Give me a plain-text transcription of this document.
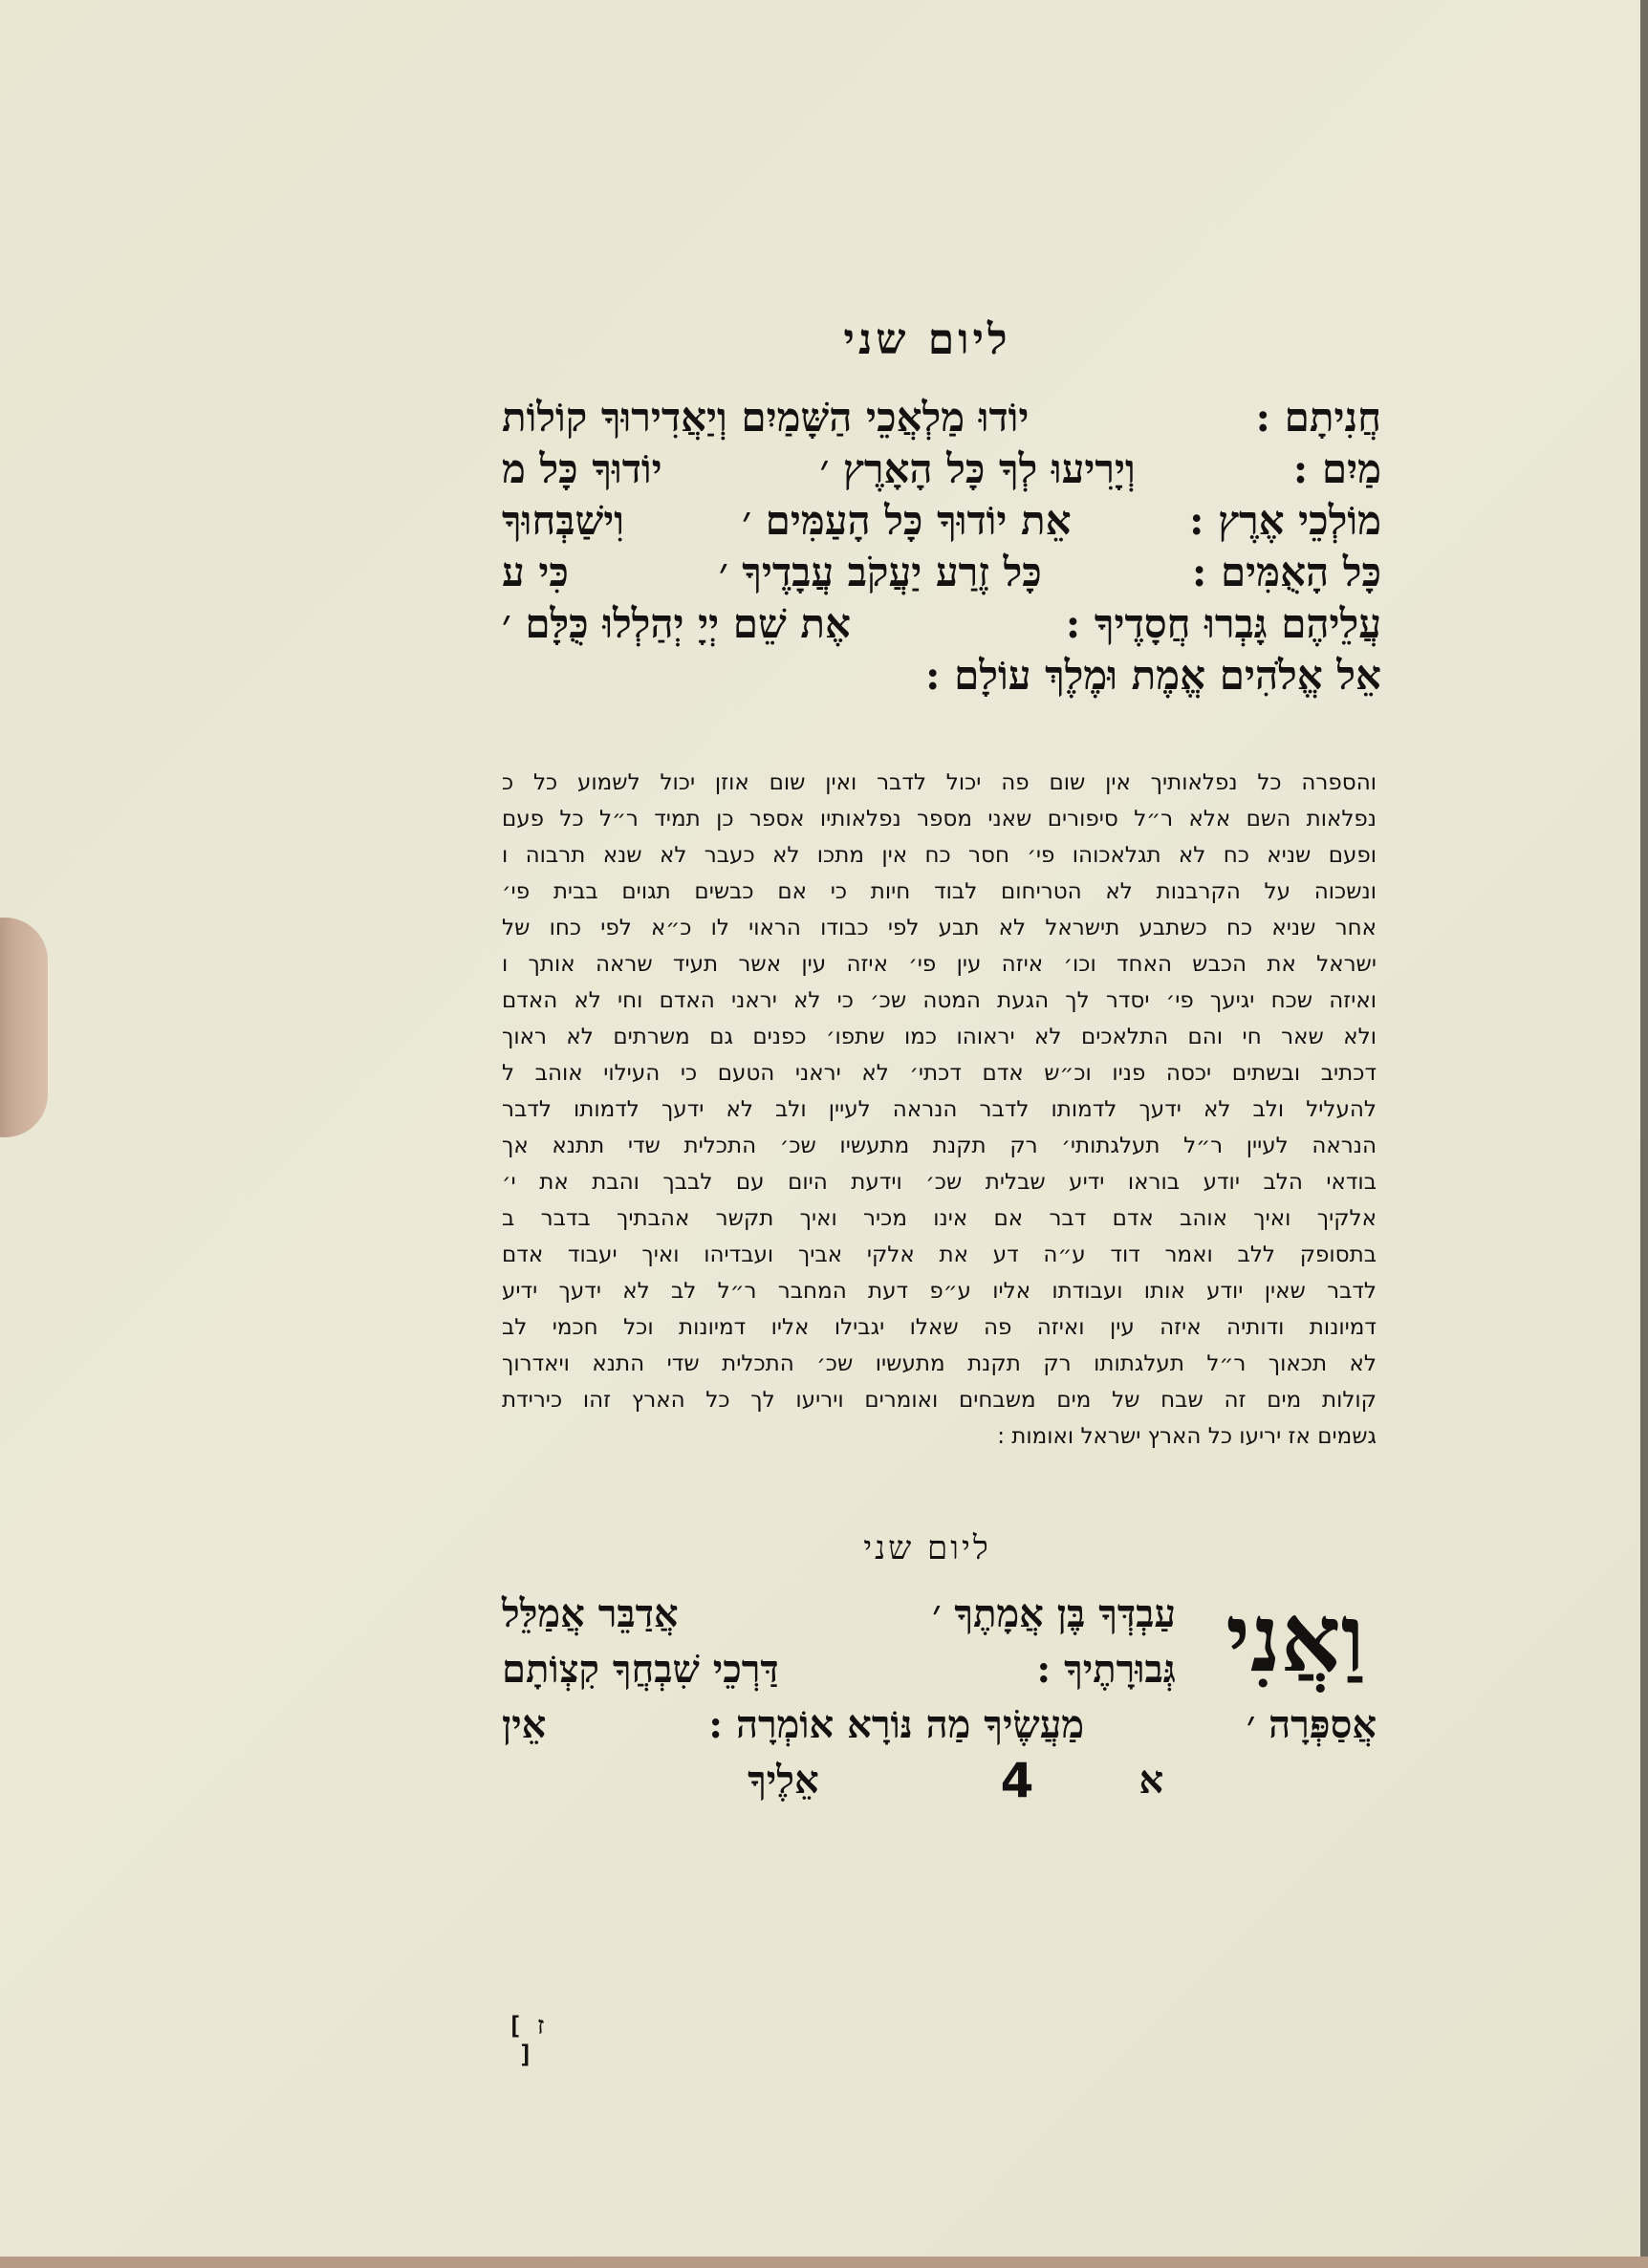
ליום שני
חֲנִיתָם :
יוֹדוּ מַלְאֲכֵי הַשָּׁמַיִם וְיַאֲדִירוּךָ קוֹלוֹת
מַיִם :
וְיָרִיעוּ לְךָ כָּל הָאָרֶץ ׳
יוֹדוּךָ כָּל מ
מוֹלְכֵי אֶרֶץ :
אֵת יוֹדוּךָ כָּל הָעַמִּים ׳
וִישַׁבְּחוּךָ
כָּל הָאֻמִּים :
כָּל זֶרַע יַעֲקֹב עֲבָדֶיךָ ׳
כִּי ע
עֲלֵיהֶם גָּבְרוּ חֲסָדֶיךָ :
אֶת שֵׁם יְיָ יְהַלְלוּ כֻּלָּם ׳
אֵל אֱלֹהִים אֱמֶת וּמֶלֶךְ עוֹלָם :
והספרה כל נפלאותיך אין שום פה יכול לדבר ואין שום אוזן יכול לשמוע כל כ
נפלאות השם אלא ר״ל סיפורים שאני מספר נפלאותיו אספר כן תמיד ר״ל כל פעם
ופעם שניא כח לא תגלאכוהו פי׳ חסר כח אין מתכו לא כעבר לא שנא תרבוה ו
ונשכוה על הקרבנות לא הטריחום לבוד חיות כי אם כבשים תגוים בבית פי׳
אחר שניא כח כשתבע תישראל לא תבע לפי כבודו הראוי לו כ״א לפי כחו של
ישראל את הכבש האחד וכו׳ איזה עין פי׳ איזה עין אשר תעיד שראה אותך ו
ואיזה שכח יגיעך פי׳ יסדר לך הגעת המטה שכ׳ כי לא יראני האדם וחי לא האדם
ולא שאר חי והם התלאכים לא יראוהו כמו שתפו׳ כפנים גם משרתים לא ראוך
דכתיב ובשתים יכסה פניו וכ״ש אדם דכתי׳ לא יראני הטעם כי העילוי אוהב ל
להעליל ולב לא ידעך לדמותו לדבר הנראה לעיין ולב לא ידעך לדמותו לדבר
הנראה לעיין ר״ל תעלגתותי׳ רק תקנת מתעשיו שכ׳ התכלית שדי תתנא אך
בודאי הלב יודע בוראו ידיע שבלית שכ׳ וידעת היום עם לבבך והבת את י׳
אלקיך ואיך אוהב אדם דבר אם אינו מכיר ואיך תקשר אהבתיך בדבר ב
בתסופק ללב ואמר דוד ע״ה דע את אלקי אביך ועבדיהו ואיך יעבוד אדם
לדבר שאין יודע אותו ועבודתו אליו ע״פ דעת המחבר ר״ל לב לא ידעך ידיע
דמיונות ודותיה איזה עין ואיזה פה שאלו יגבילו אליו דמיונות וכל חכמי לב
לא תכאוך ר״ל תעלגתותו רק תקנת מתעשיו שכ׳ התכלית שדי התנא ויאדרוך
קולות מים זה שבח של מים משבחים ואומרים ויריעו לך כל הארץ זהו כירידת
גשמים אז יריעו כל הארץ ישראל ואומות :
ליום שני
וַאֲנִי
עַבְדְּךָ בֶּן אֲמָתֶךָ ׳
אֲדַבֵּר אֲמַלֵּל
גְּבוּרָתֶיךָ :
דַּרְכֵי שִׁבְחֲךָ קִצְוֹתָם
אֲסַפְּרָה ׳
מַעֲשֶׂיךָ מַה נּוֹרָא אוֹמְרָה :
אֵין
א
4
אֵלֶיךָ
[ ז ]
